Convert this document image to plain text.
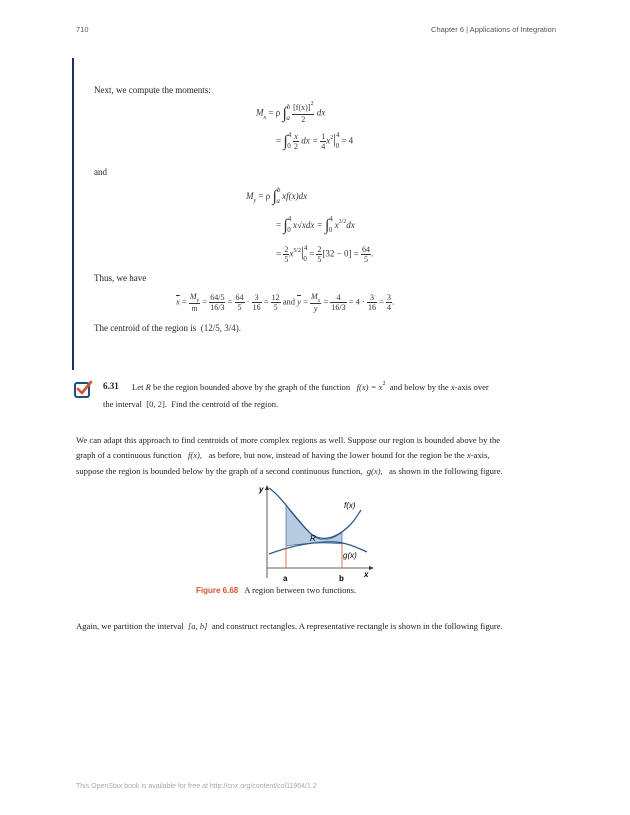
710	Chapter 6 | Applications of Integration
Next, we compute the moments:
$M_x = \rho$ $\int^b_a \frac{[f(x)]^2}{2}$ dx
= $\int^4_0 \frac{x}{2}$ dx = $\frac{1}{4} x^2|^4_0 = 4$
and
$M_y = \rho$ ∫$^b_a$ xf(x)dx
= ∫$^4_0$ x√xdx = ∫$^4_0$ $x^{3/2}dx$
= $\frac{2}{5} x^{5/2}|^4_0 = \frac{2}{5} [32 - 0] = \frac{64}{5}$ .
Thus, we have
$\overline{x} = \frac{M_y}{m} = \frac{64/5}{16/3} = \frac{64}{5} \cdot \frac{3}{16} = \frac{12}{5}$ and $\overline{y} = \frac{M_x}{y} = \frac{4}{16/3} = 4 \cdot \frac{3}{16} = \frac{3}{4}$ .
The centroid of the region is (12/5, 3/4).
6.31 Let R be the region bounded above by the graph of the function $f(x) = x^2$ and below by the x-axis over
the interval [0, 2]. Find the centroid of the region.
We can adapt this approach to find centroids of more complex regions as well. Suppose our region is bounded above by the
graph of a continuous function f(x), as before, but now, instead of having the lower bound for the region be the x-axis,
suppose the region is bounded below by the graph of a second continuous function, g(x), as shown in the following figure.
y
x
f(x)
g(x)
R
a	b
Figure 6.68 A region between two functions.
Again, we partition the interval [a, b] and construct rectangles. A representative rectangle is shown in the following figure.
This OpenStax book is available for free at http://cnx.org/content/col11964/1.2
